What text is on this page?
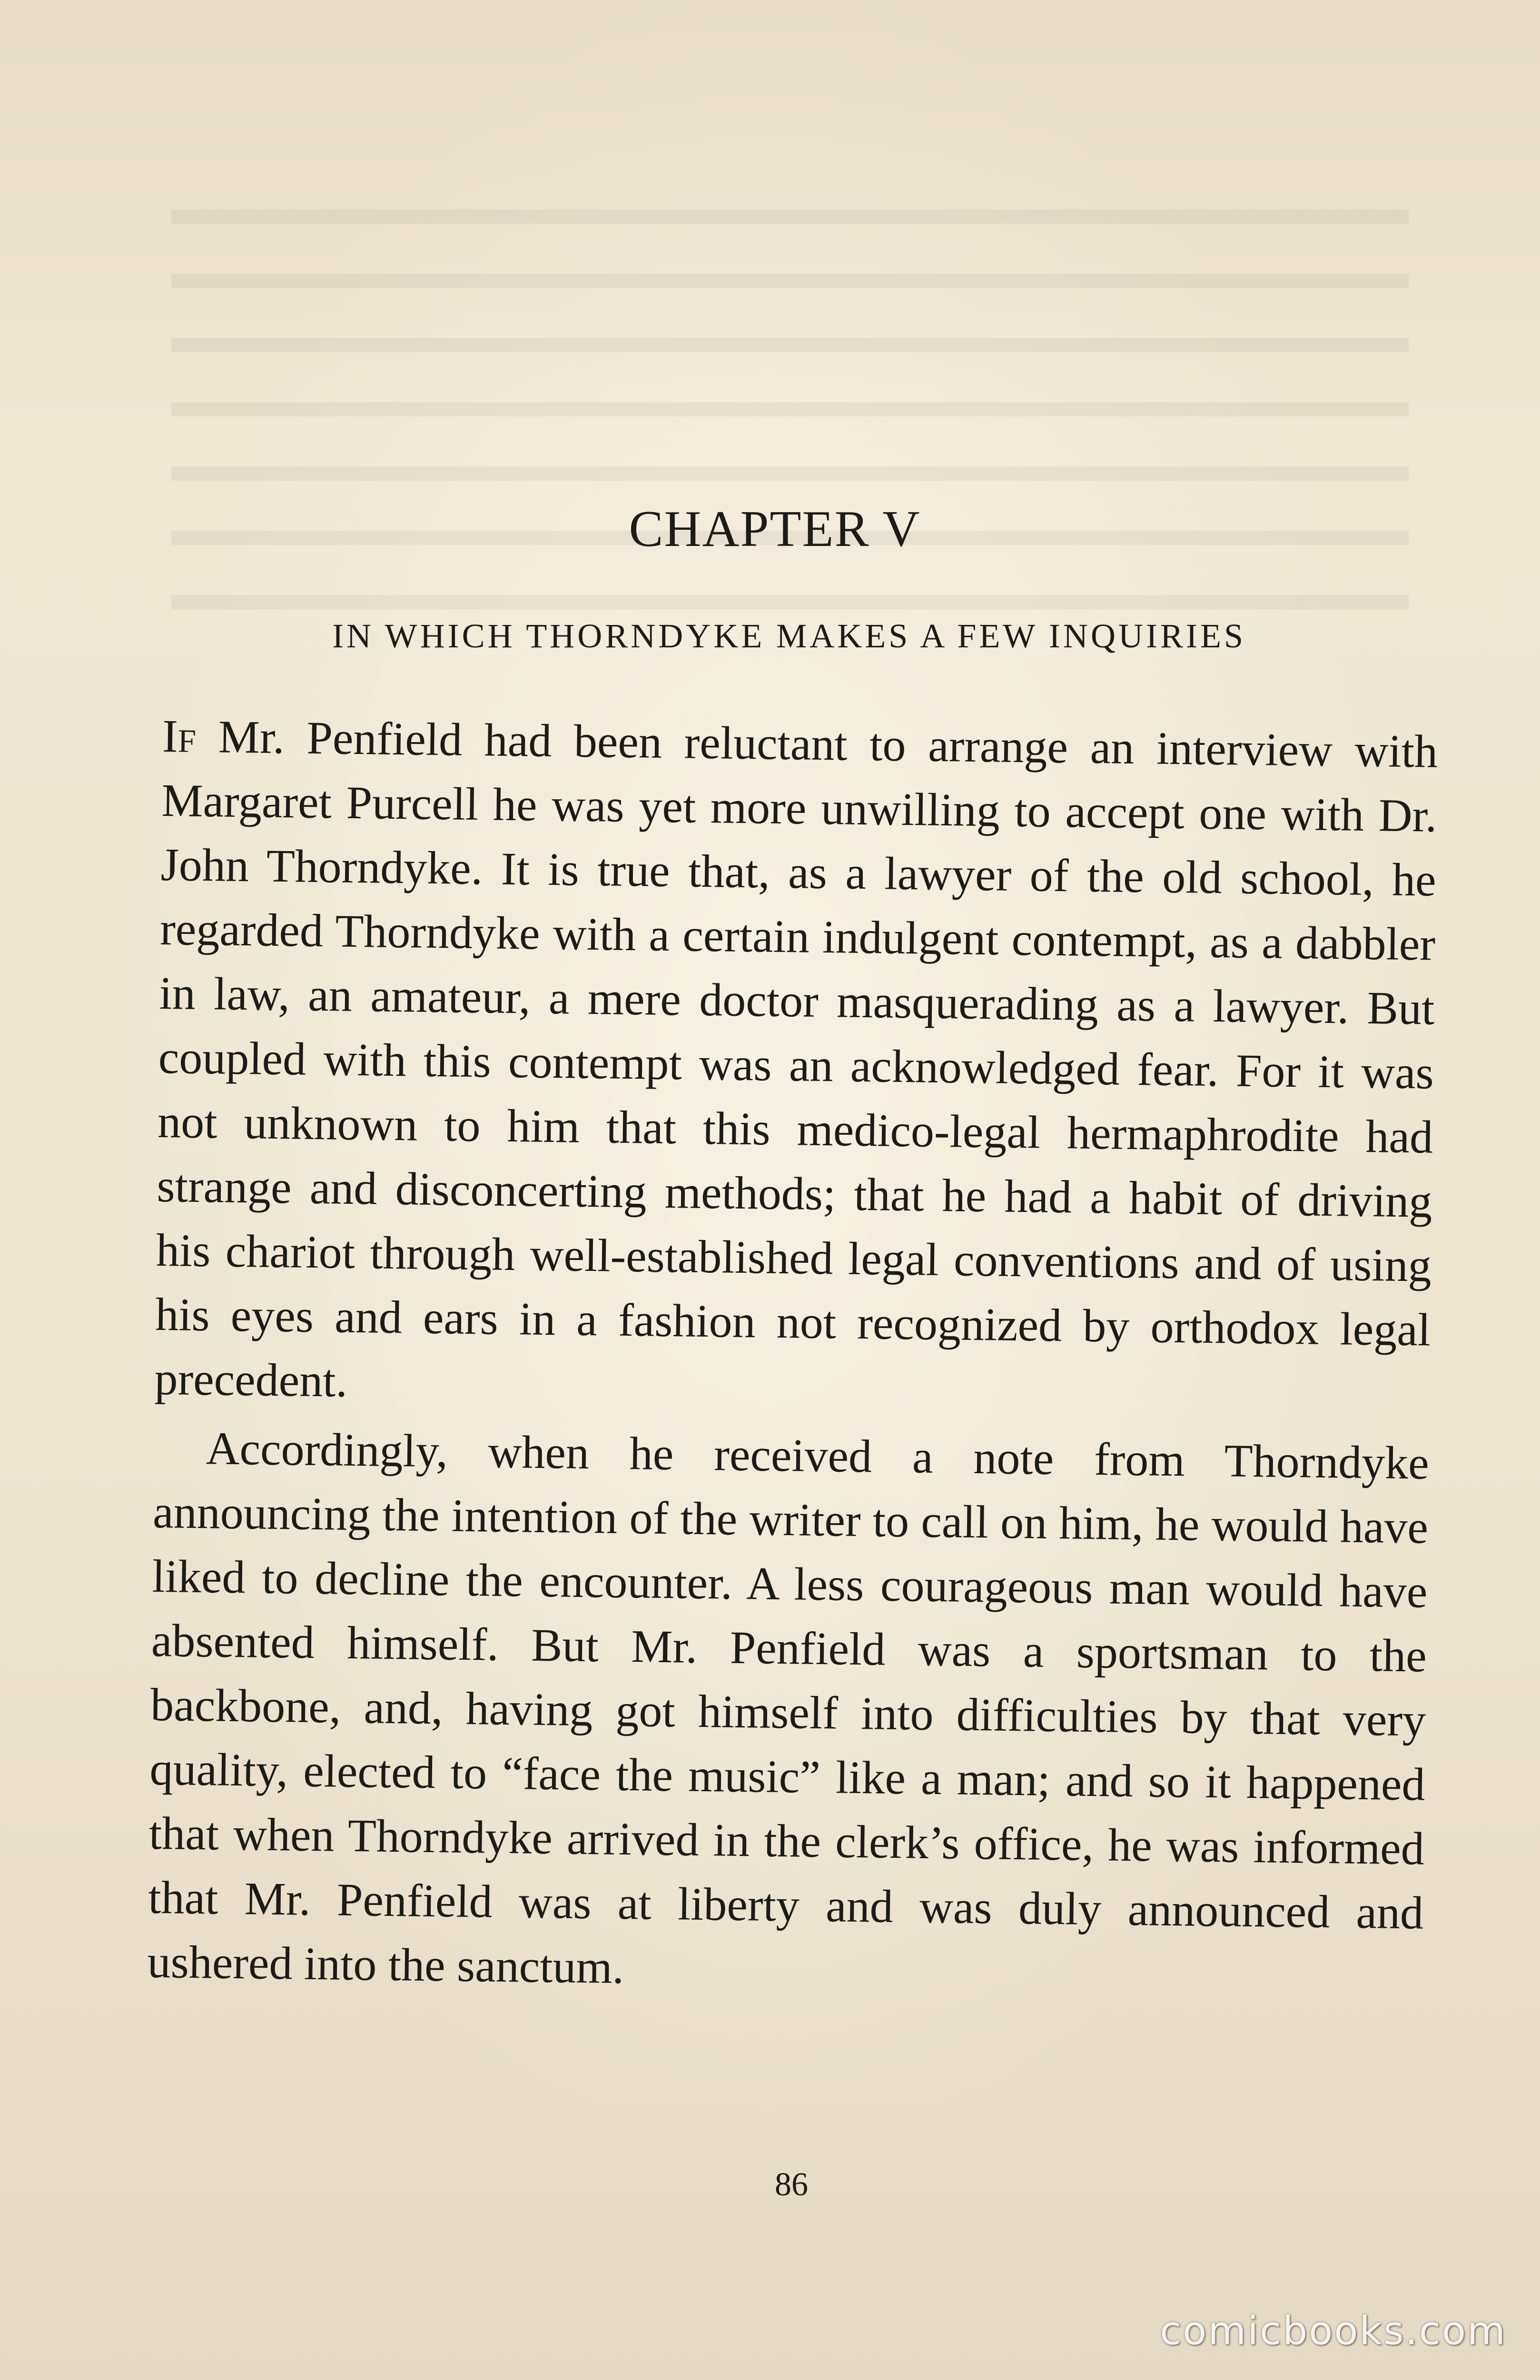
CHAPTER V
IN WHICH THORNDYKE MAKES A FEW INQUIRIES

If Mr. Penfield had been reluctant to arrange an interview with Margaret Purcell he was yet more unwilling to accept one with Dr. John Thorndyke. It is true that, as a lawyer of the old school, he regarded Thorndyke with a certain indulgent contempt, as a dabbler in law, an amateur, a mere doctor masquerading as a lawyer. But coupled with this contempt was an acknowledged fear. For it was not unknown to him that this medico-legal hermaphrodite had strange and disconcerting methods; that he had a habit of driving his chariot through well-established legal conventions and of using his eyes and ears in a fashion not recognized by orthodox legal precedent.

Accordingly, when he received a note from Thorndyke announcing the intention of the writer to call on him, he would have liked to decline the encounter. A less courageous man would have absented himself. But Mr. Penfield was a sportsman to the backbone, and, having got himself into difficulties by that very quality, elected to “face the music” like a man; and so it happened that when Thorndyke arrived in the clerk’s office, he was informed that Mr. Penfield was at liberty and was duly announced and ushered into the sanctum.

86
comicbooks.com
